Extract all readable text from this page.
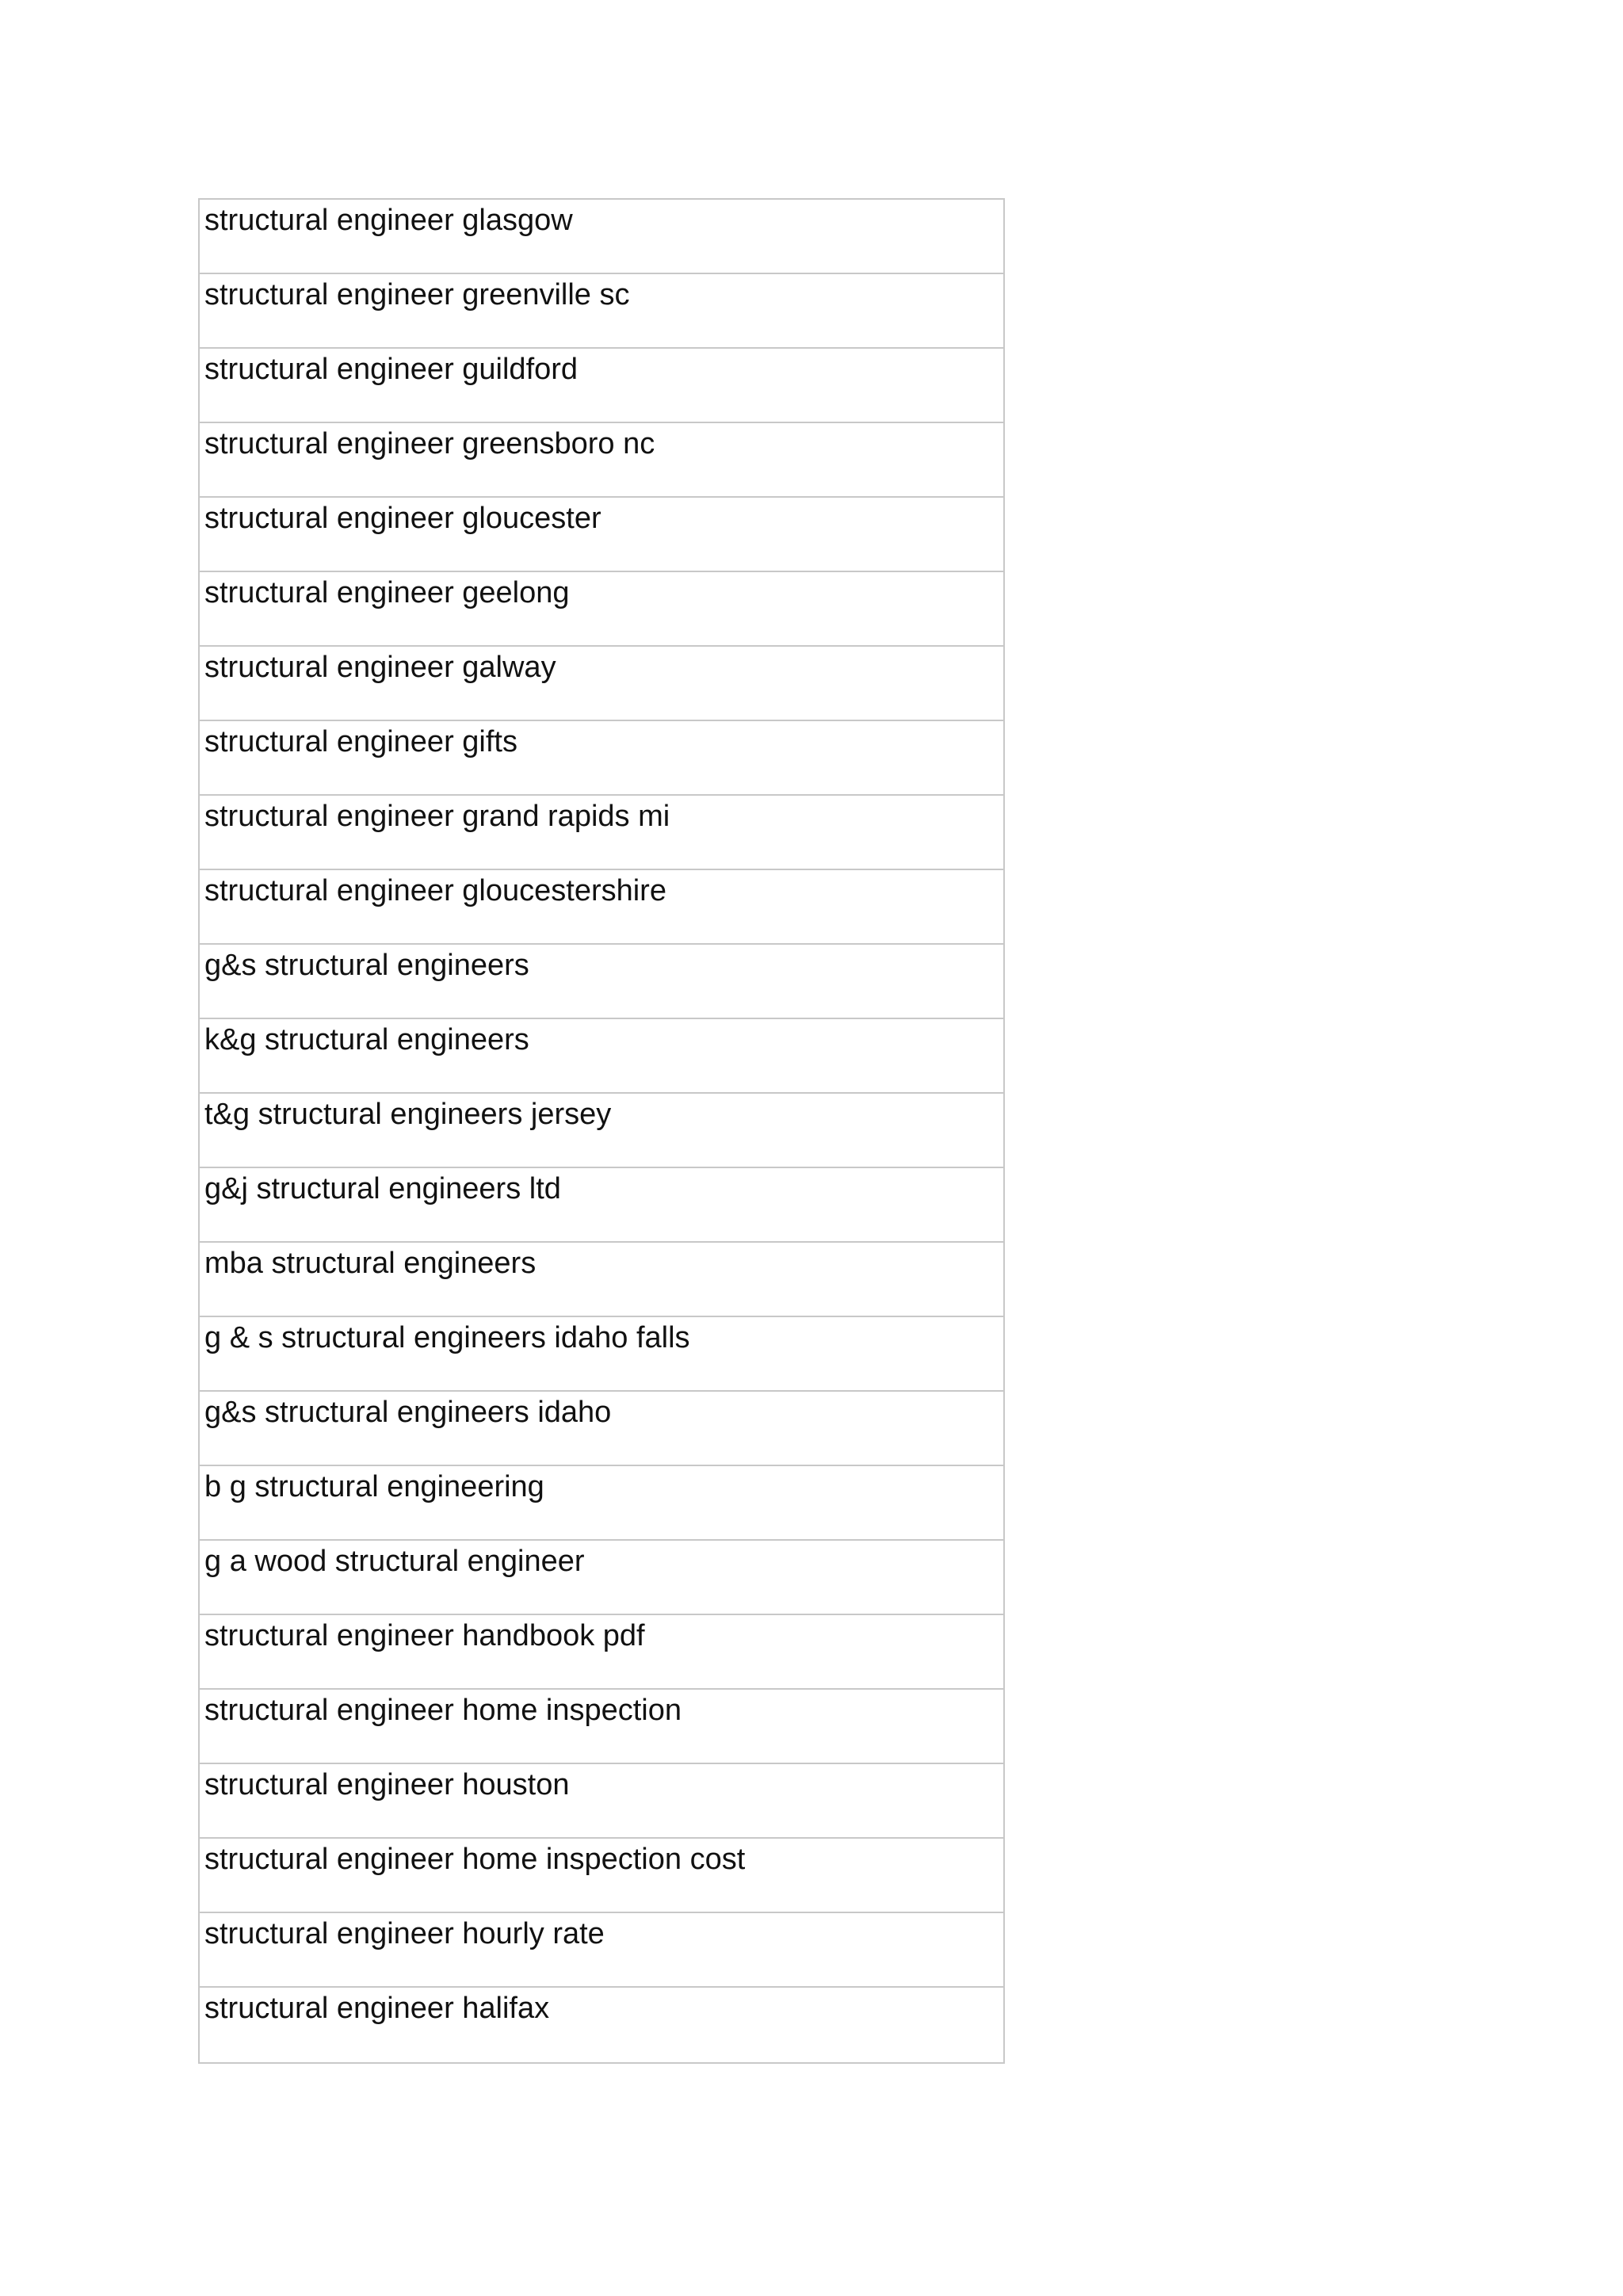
structural engineer glasgow
structural engineer greenville sc
structural engineer guildford
structural engineer greensboro nc
structural engineer gloucester
structural engineer geelong
structural engineer galway
structural engineer gifts
structural engineer grand rapids mi
structural engineer gloucestershire
g&s structural engineers
k&g structural engineers
t&g structural engineers jersey
g&j structural engineers ltd
mba structural engineers
g & s structural engineers idaho falls
g&s structural engineers idaho
b g structural engineering
g a wood structural engineer
structural engineer handbook pdf
structural engineer home inspection
structural engineer houston
structural engineer home inspection cost
structural engineer hourly rate
structural engineer halifax
